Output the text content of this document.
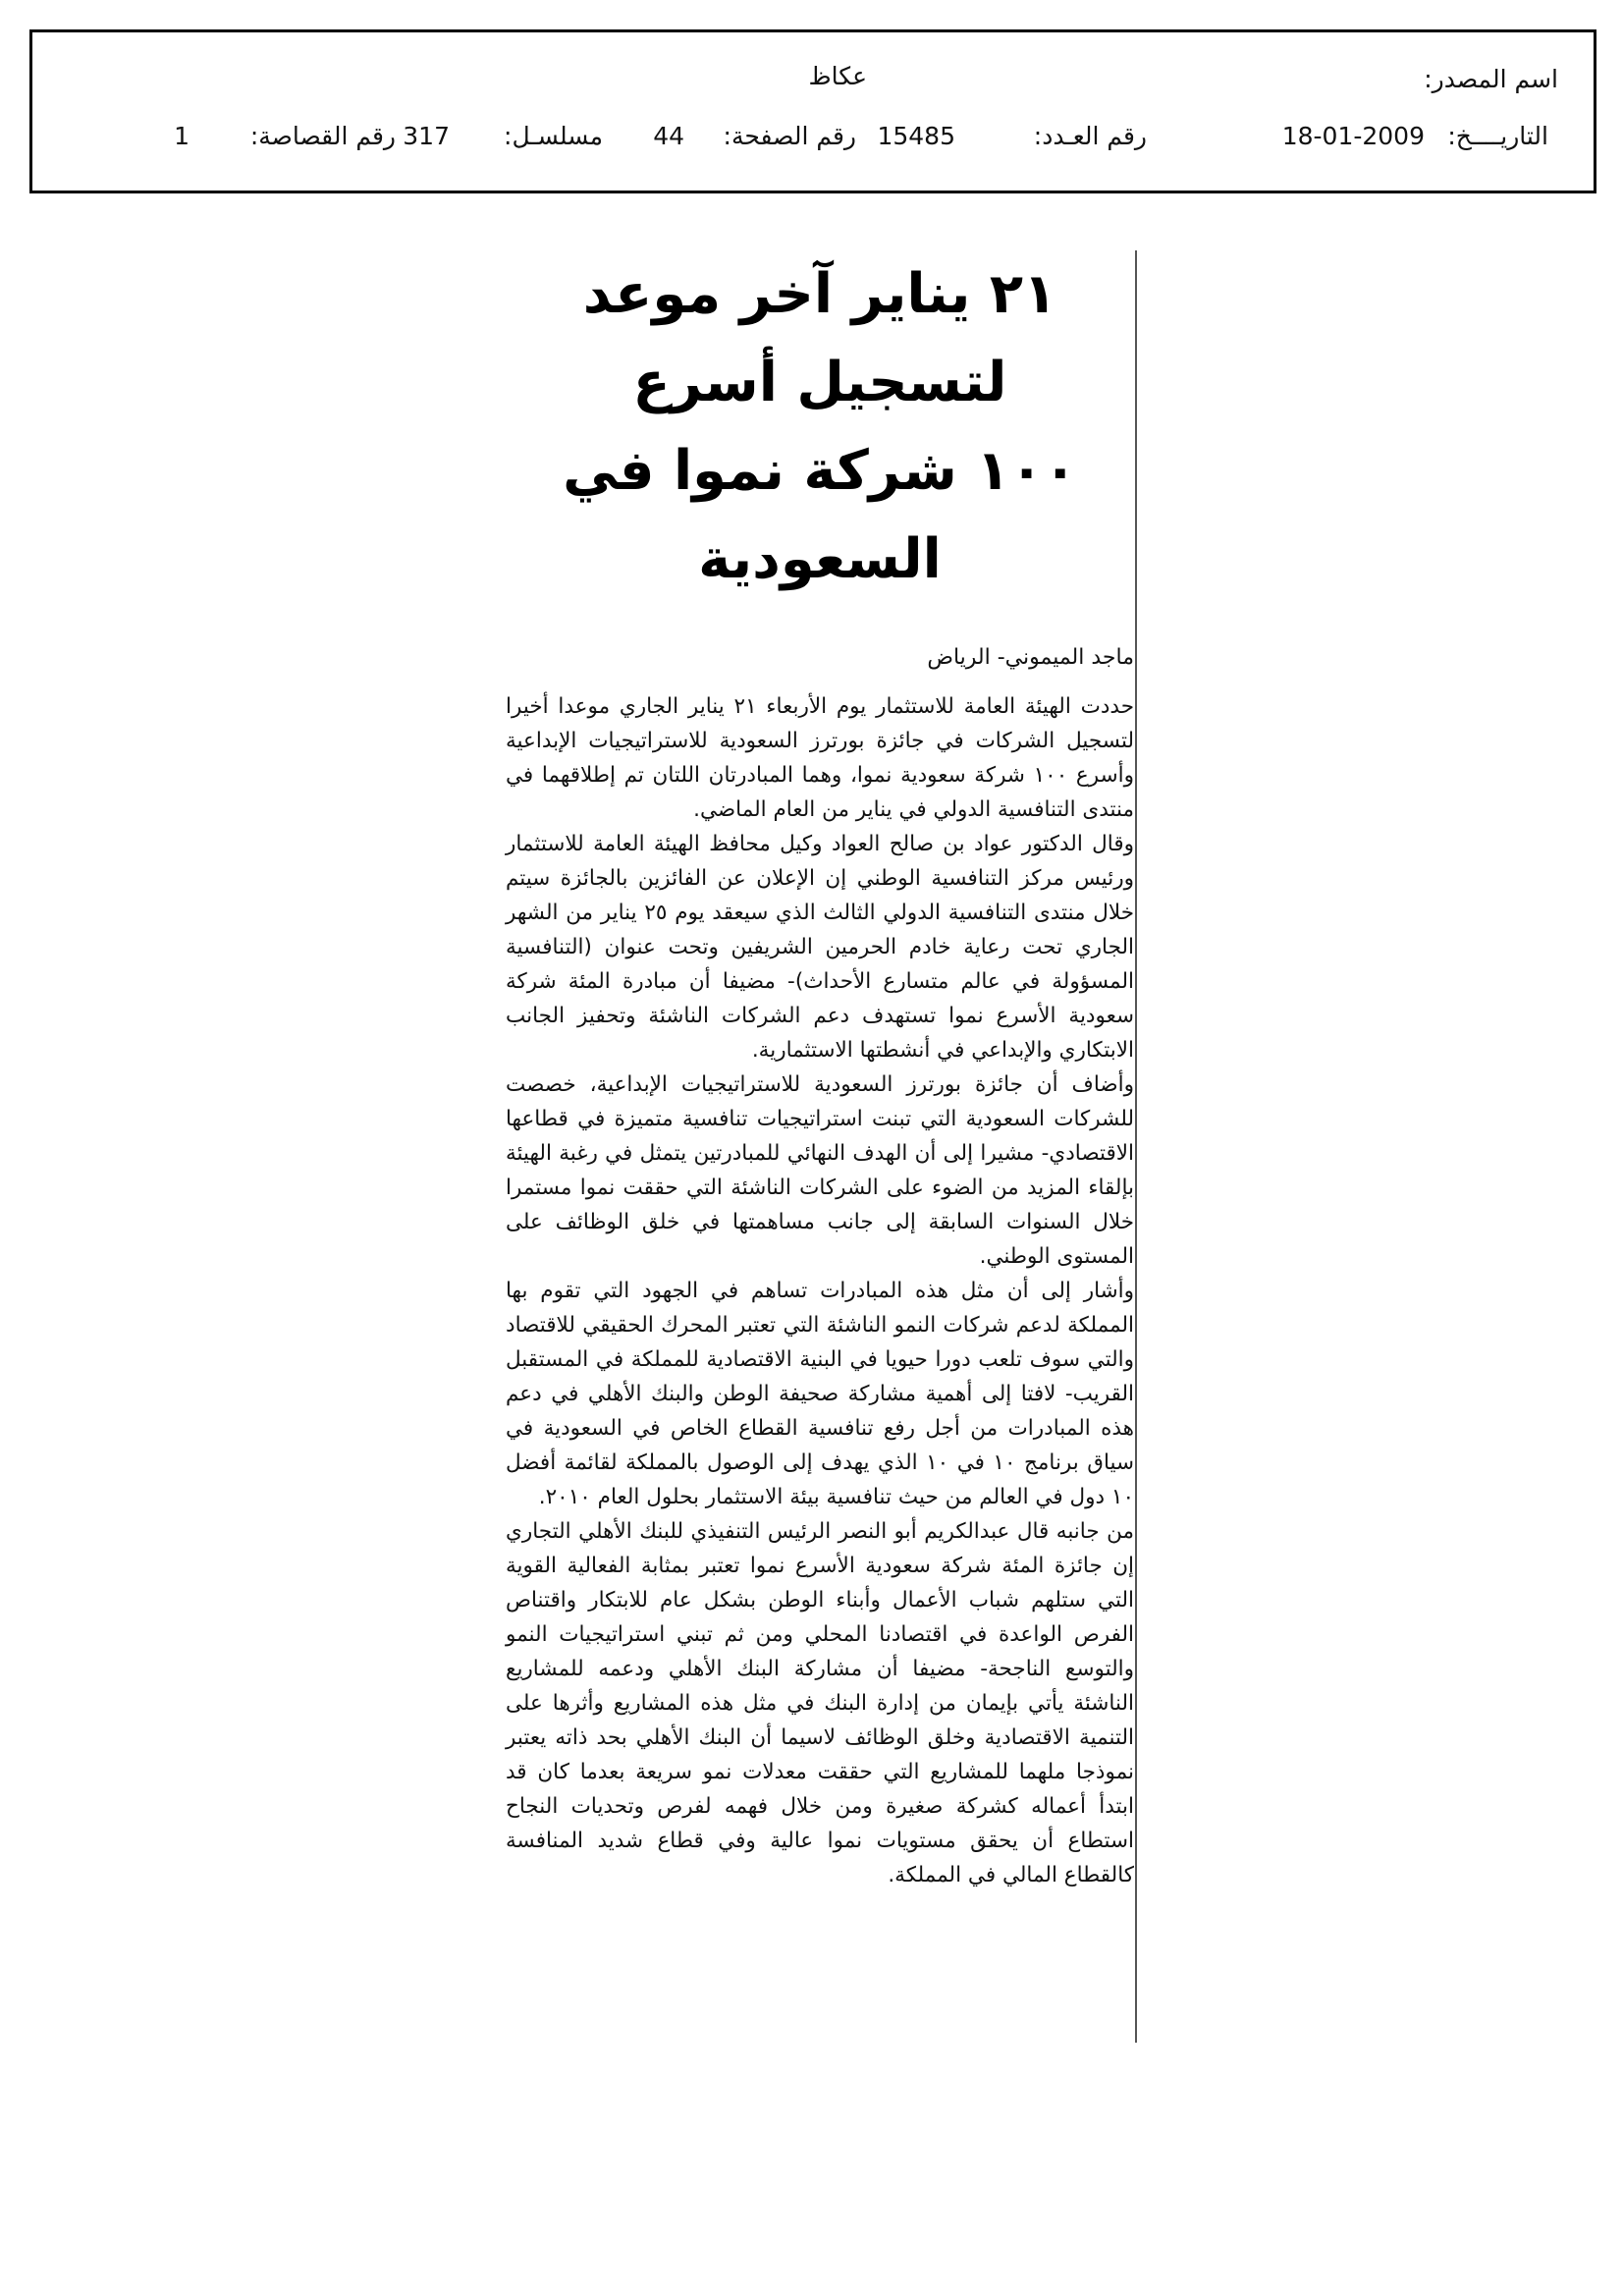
اسم المصدر:
عكاظ
التاريــــخ:
18-01-2009
رقم العـدد:
15485
رقم الصفحة:
44
مسلسـل:
317
رقم القصاصة:
1
٢١ يناير آخر موعد لتسجيل أسرع
١٠٠ شركة نموا في السعودية
ماجد الميموني- الرياض

حددت الهيئة العامة للاستثمار يوم الأربعاء ٢١ يناير الجاري موعدا أخيرا لتسجيل الشركات في جائزة بورترز السعودية للاستراتيجيات الإبداعية وأسرع ١٠٠ شركة سعودية نموا، وهما المبادرتان اللتان تم إطلاقهما في منتدى التنافسية الدولي في يناير من العام الماضي.

وقال الدكتور عواد بن صالح العواد وكيل محافظ الهيئة العامة للاستثمار ورئيس مركز التنافسية الوطني إن الإعلان عن الفائزين بالجائزة سيتم خلال منتدى التنافسية الدولي الثالث الذي سيعقد يوم ٢٥ يناير من الشهر الجاري تحت رعاية خادم الحرمين الشريفين وتحت عنوان (التنافسية المسؤولة في عالم متسارع الأحداث)- مضيفا أن مبادرة المئة شركة سعودية الأسرع نموا تستهدف دعم الشركات الناشئة وتحفيز الجانب الابتكاري والإبداعي في أنشطتها الاستثمارية.

وأضاف أن جائزة بورترز السعودية للاستراتيجيات الإبداعية، خصصت للشركات السعودية التي تبنت استراتيجيات تنافسية متميزة في قطاعها الاقتصادي- مشيرا إلى أن الهدف النهائي للمبادرتين يتمثل في رغبة الهيئة بإلقاء المزيد من الضوء على الشركات الناشئة التي حققت نموا مستمرا خلال السنوات السابقة إلى جانب مساهمتها في خلق الوظائف على المستوى الوطني.

وأشار إلى أن مثل هذه المبادرات تساهم في الجهود التي تقوم بها المملكة لدعم شركات النمو الناشئة التي تعتبر المحرك الحقيقي للاقتصاد والتي سوف تلعب دورا حيويا في البنية الاقتصادية للمملكة في المستقبل القريب- لافتا إلى أهمية مشاركة صحيفة الوطن والبنك الأهلي في دعم هذه المبادرات من أجل رفع تنافسية القطاع الخاص في السعودية في سياق برنامج ١٠ في ١٠ الذي يهدف إلى الوصول بالمملكة لقائمة أفضل ١٠ دول في العالم من حيث تنافسية بيئة الاستثمار بحلول العام ٢٠١٠.

من جانبه قال عبدالكريم أبو النصر الرئيس التنفيذي للبنك الأهلي التجاري إن جائزة المئة شركة سعودية الأسرع نموا تعتبر بمثابة الفعالية القوية التي ستلهم شباب الأعمال وأبناء الوطن بشكل عام للابتكار واقتناص الفرص الواعدة في اقتصادنا المحلي ومن ثم تبني استراتيجيات النمو والتوسع الناجحة- مضيفا أن مشاركة البنك الأهلي ودعمه للمشاريع الناشئة يأتي بإيمان من إدارة البنك في مثل هذه المشاريع وأثرها على التنمية الاقتصادية وخلق الوظائف لاسيما أن البنك الأهلي بحد ذاته يعتبر نموذجا ملهما للمشاريع التي حققت معدلات نمو سريعة بعدما كان قد ابتدأ أعماله كشركة صغيرة ومن خلال فهمه لفرص وتحديات النجاح استطاع أن يحقق مستويات نموا عالية وفي قطاع شديد المنافسة كالقطاع المالي في المملكة.
